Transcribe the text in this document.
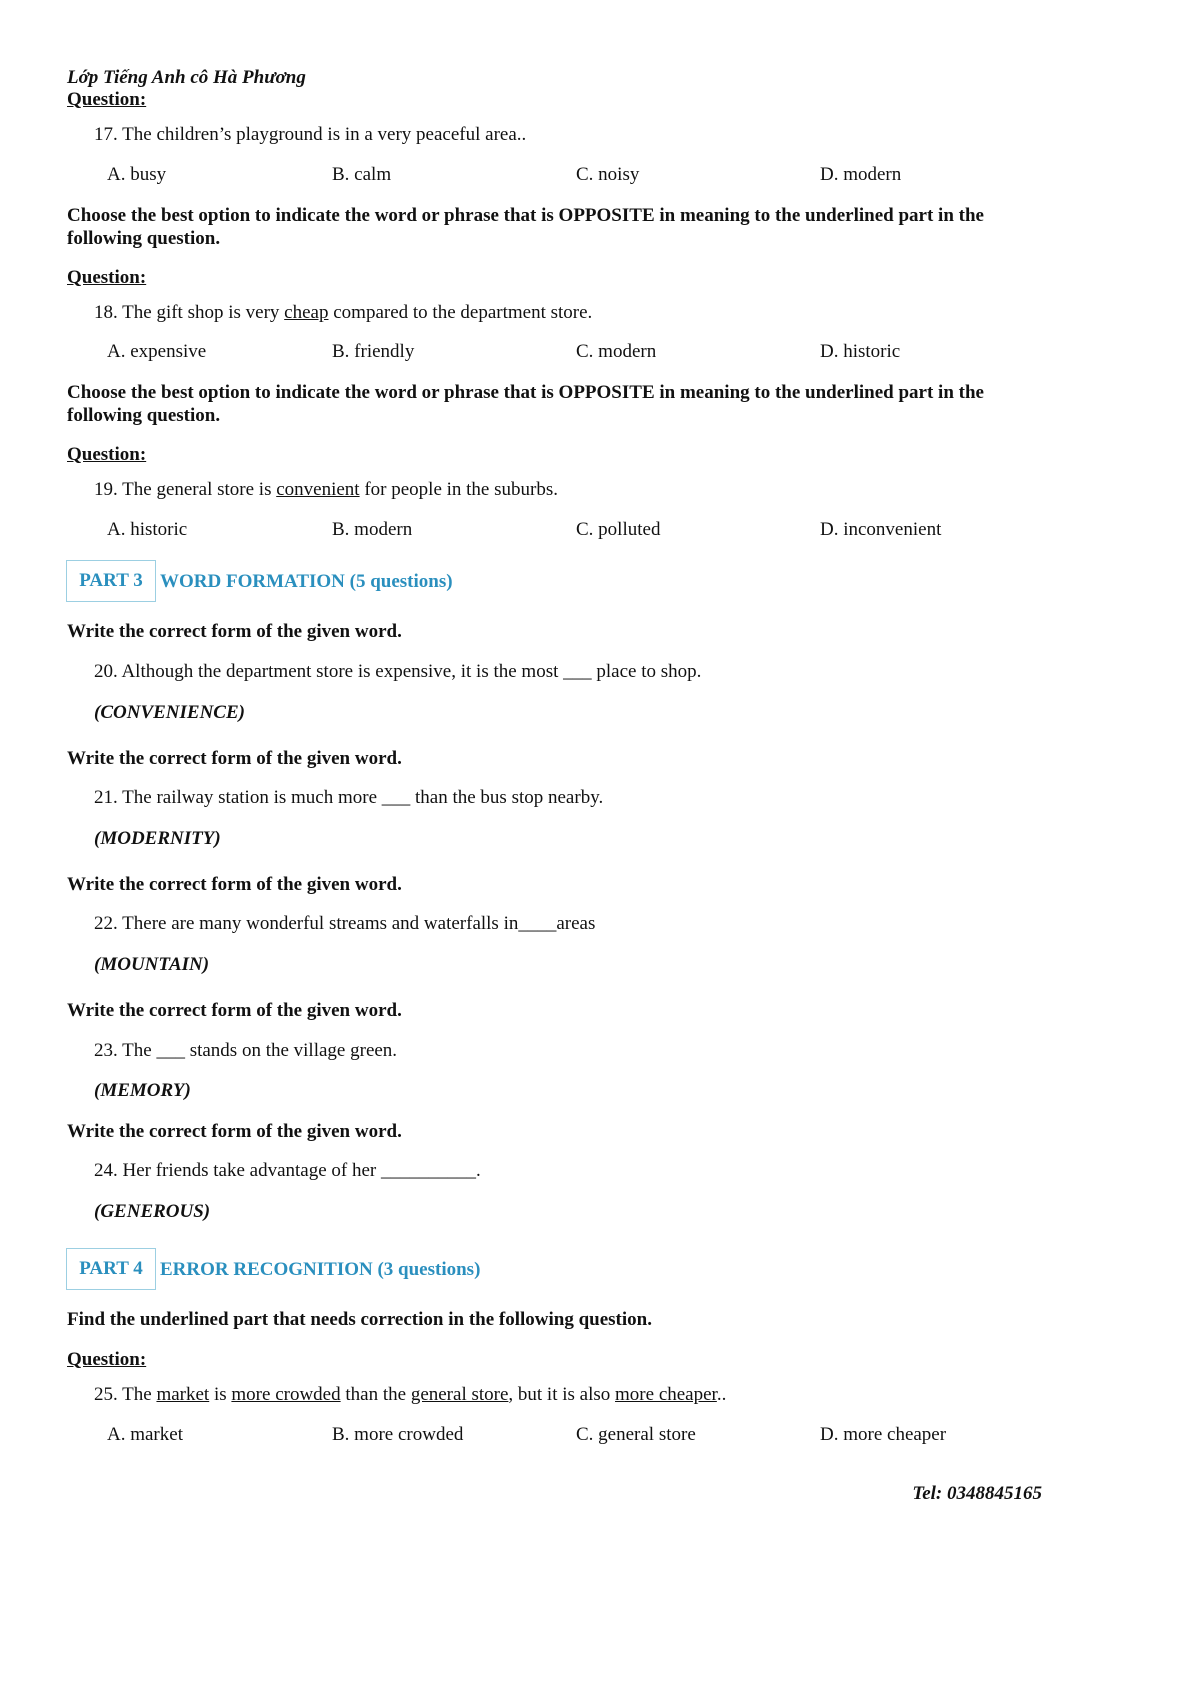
Lớp Tiếng Anh cô Hà Phương
Question:
17. The children’s playground is in a very peaceful area..
A. busy	B. calm	C. noisy	D. modern
Choose the best option to indicate the word or phrase that is OPPOSITE in meaning to the underlined part in the following question.
Question:
18. The gift shop is very cheap compared to the department store.
A. expensive	B. friendly	C. modern	D. historic
Choose the best option to indicate the word or phrase that is OPPOSITE in meaning to the underlined part in the following question.
Question:
19. The general store is convenient for people in the suburbs.
A. historic	B. modern	C. polluted	D. inconvenient
PART 3 WORD FORMATION (5 questions)
Write the correct form of the given word.
20. Although the department store is expensive, it is the most ___ place to shop.
(CONVENIENCE)
Write the correct form of the given word.
21. The railway station is much more ___ than the bus stop nearby.
(MODERNITY)
Write the correct form of the given word.
22. There are many wonderful streams and waterfalls in____areas
(MOUNTAIN)
Write the correct form of the given word.
23. The ___ stands on the village green.
(MEMORY)
Write the correct form of the given word.
24. Her friends take advantage of her __________.
(GENEROUS)
PART 4 ERROR RECOGNITION (3 questions)
Find the underlined part that needs correction in the following question.
Question:
25. The market is more crowded than the general store, but it is also more cheaper..
A. market	B. more crowded	C. general store	D. more cheaper
Tel: 0348845165
